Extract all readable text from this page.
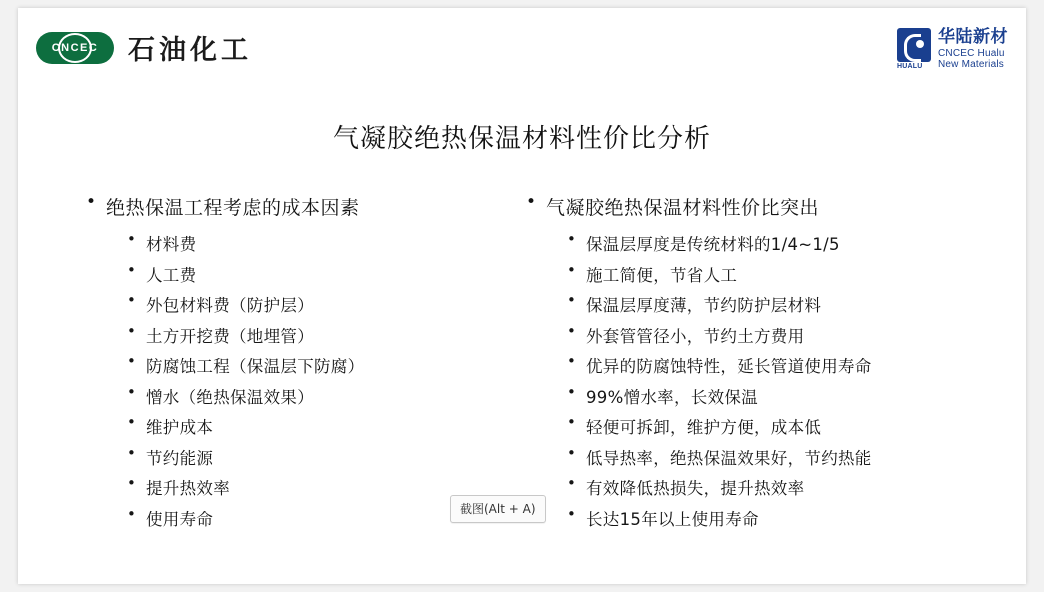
CNCEC 石油化工
HUALU
华陆新材
CNCEC Hualu
New Materials
气凝胶绝热保温材料性价比分析
• 绝热保温工程考虑的成本因素
• 材料费
• 人工费
• 外包材料费（防护层）
• 土方开挖费（地埋管）
• 防腐蚀工程（保温层下防腐）
• 憎水（绝热保温效果）
• 维护成本
• 节约能源
• 提升热效率
• 使用寿命
• 气凝胶绝热保温材料性价比突出
• 保温层厚度是传统材料的1/4~1/5
• 施工简便，节省人工
• 保温层厚度薄，节约防护层材料
• 外套管管径小，节约土方费用
• 优异的防腐蚀特性，延长管道使用寿命
• 99%憎水率，长效保温
• 轻便可拆卸，维护方便，成本低
• 低导热率，绝热保温效果好，节约热能
• 有效降低热损失，提升热效率
• 长达15年以上使用寿命
截图(Alt + A)
